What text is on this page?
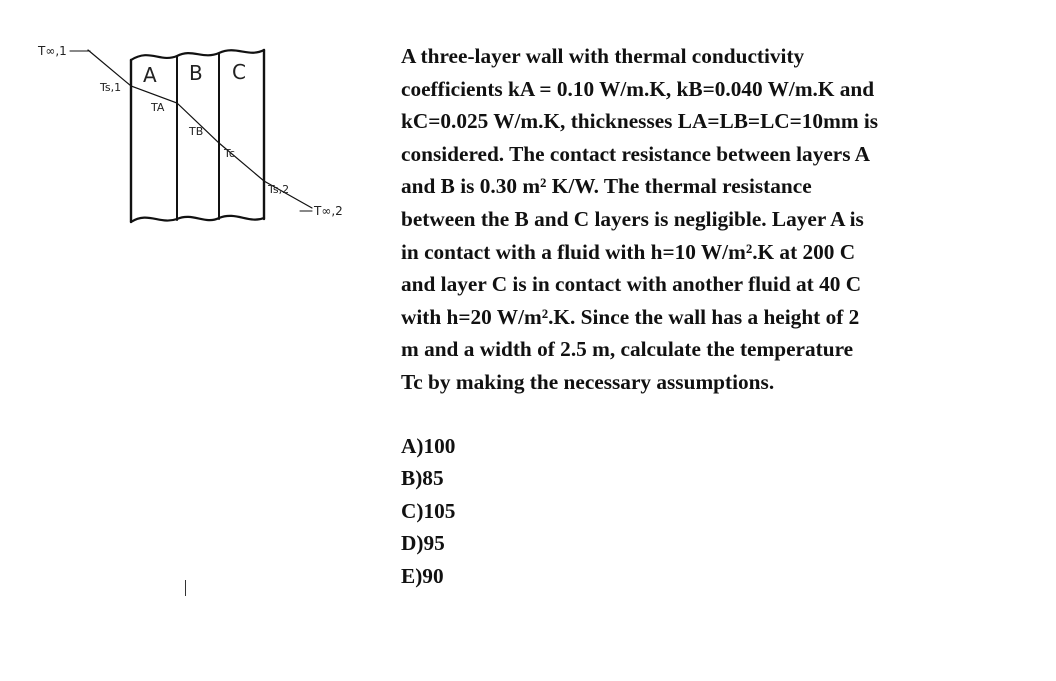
T∞,1
Ts,1
A B C
TA
TB
Tc
Ts,2
T∞,2

A three-layer wall with thermal conductivity

coefficients kA = 0.10 W/m.K, kB=0.040 W/m.K and

kC=0.025 W/m.K, thicknesses LA=LB=LC=10mm is

considered. The contact resistance between layers A

and B is 0.30 m² K/W. The thermal resistance

between the B and C layers is negligible. Layer A is

in contact with a fluid with h=10 W/m².K at 200 C

and layer C is in contact with another fluid at 40 C

with h=20 W/m².K. Since the wall has a height of 2

m and a width of 2.5 m, calculate the temperature

Tc by making the necessary assumptions.

A)100
B)85
C)105
D)95
E)90
